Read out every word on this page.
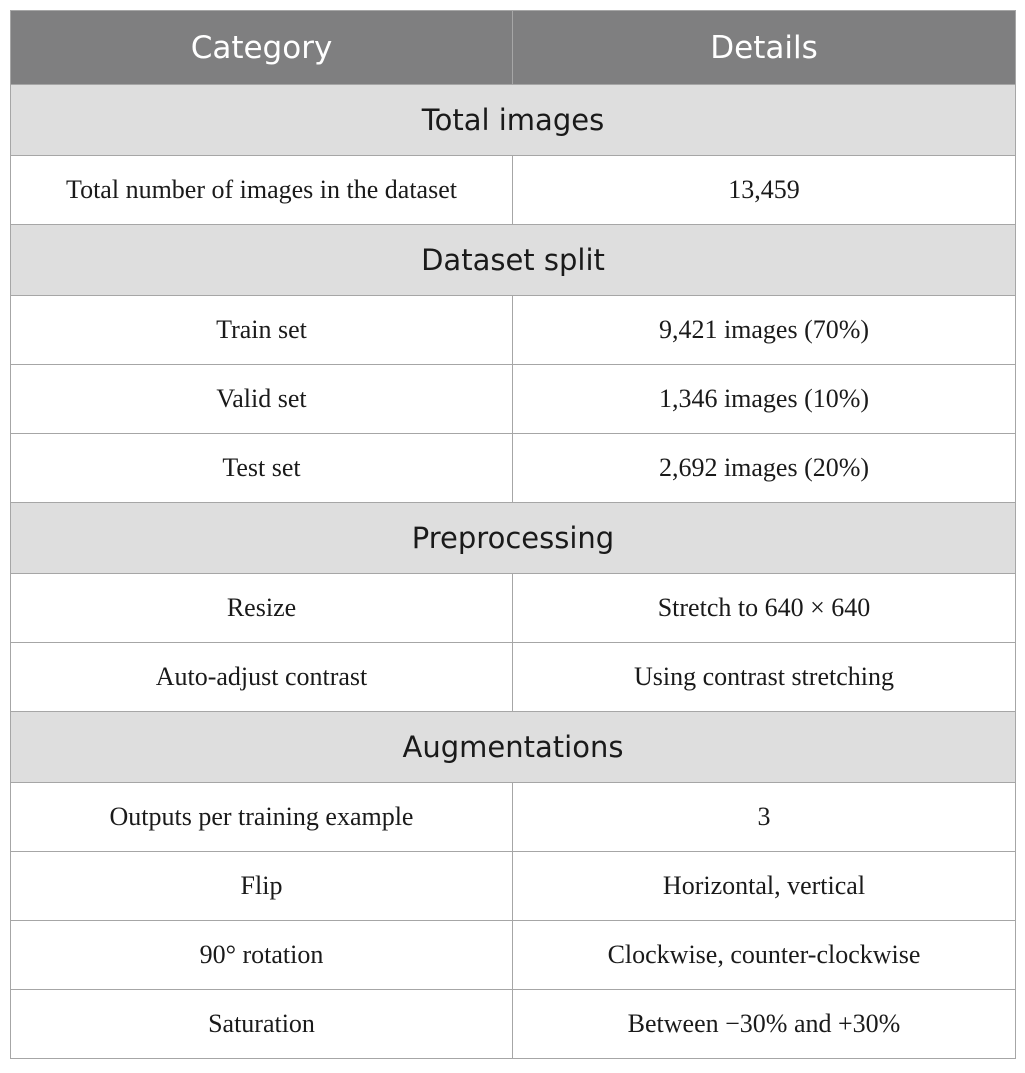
Category	Details
Total images	
Total number of images in the dataset	13,459
Dataset split	
Train set	9,421 images (70%)
Valid set	1,346 images (10%)
Test set	2,692 images (20%)
Preprocessing	
Resize	Stretch to 640 × 640
Auto-adjust contrast	Using contrast stretching
Augmentations	
Outputs per training example	3
Flip	Horizontal, vertical
90° rotation	Clockwise, counter-clockwise
Saturation	Between −30% and +30%
